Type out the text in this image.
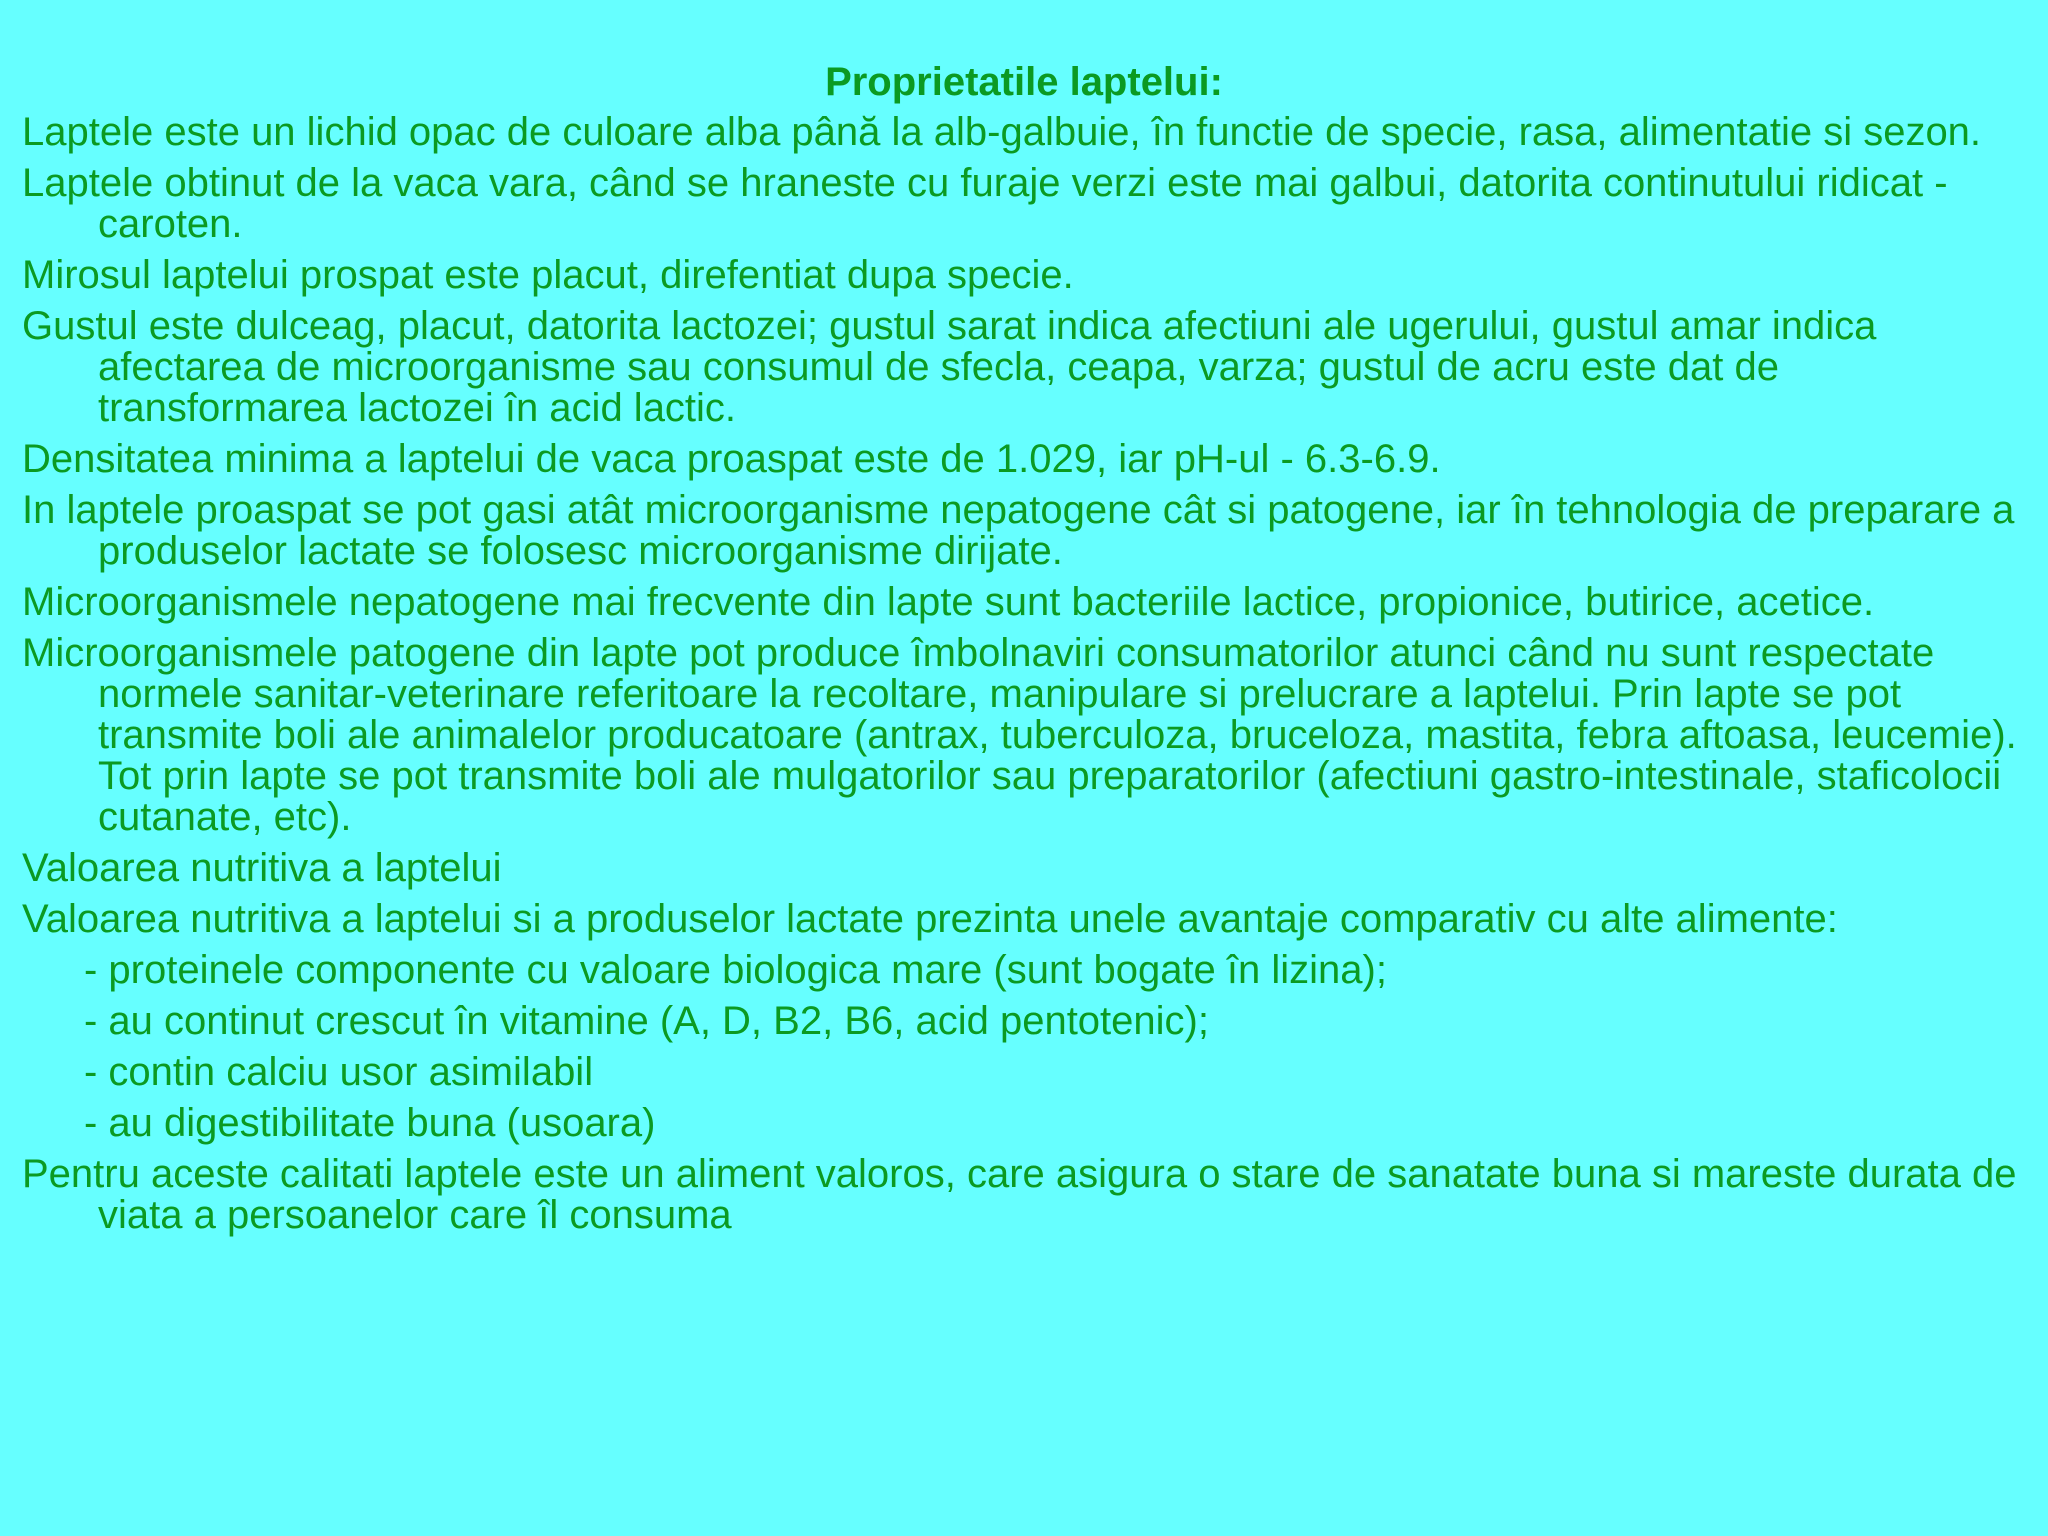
Proprietatile laptelui:
Laptele este un lichid opac de culoare alba până la alb-galbuie, în functie de specie, rasa, alimentatie si sezon.
Laptele obtinut de la vaca vara, când se hraneste cu furaje verzi este mai galbui, datorita continutului ridicat -caroten.
Mirosul laptelui prospat este placut, direfentiat dupa specie.
Gustul este dulceag, placut, datorita lactozei; gustul sarat indica afectiuni ale ugerului, gustul amar indica afectarea de microorganisme sau consumul de sfecla, ceapa, varza; gustul de acru este dat de transformarea lactozei în acid lactic.
Densitatea minima a laptelui de vaca proaspat este de 1.029, iar pH-ul - 6.3-6.9.
In laptele proaspat se pot gasi atât microorganisme nepatogene cât si patogene, iar în tehnologia de preparare a produselor lactate se folosesc microorganisme dirijate.
Microorganismele nepatogene mai frecvente din lapte sunt bacteriile lactice, propionice, butirice, acetice.
Microorganismele patogene din lapte pot produce îmbolnaviri consumatorilor atunci când nu sunt respectate normele sanitar-veterinare referitoare la recoltare, manipulare si prelucrare a laptelui. Prin lapte se pot transmite boli ale animalelor producatoare (antrax, tuberculoza, bruceloza, mastita, febra aftoasa, leucemie). Tot prin lapte se pot transmite boli ale mulgatorilor sau preparatorilor (afectiuni gastro-intestinale, staficolocii cutanate, etc).
Valoarea nutritiva a laptelui
Valoarea nutritiva a laptelui si a produselor lactate prezinta unele avantaje comparativ cu alte alimente:
- proteinele componente cu valoare biologica mare (sunt bogate în lizina);
- au continut crescut în vitamine (A, D, B2, B6, acid pentotenic);
- contin calciu usor asimilabil
- au digestibilitate buna (usoara)
Pentru aceste calitati laptele este un aliment valoros, care asigura o stare de sanatate buna si mareste durata de viata a persoanelor care îl consuma
